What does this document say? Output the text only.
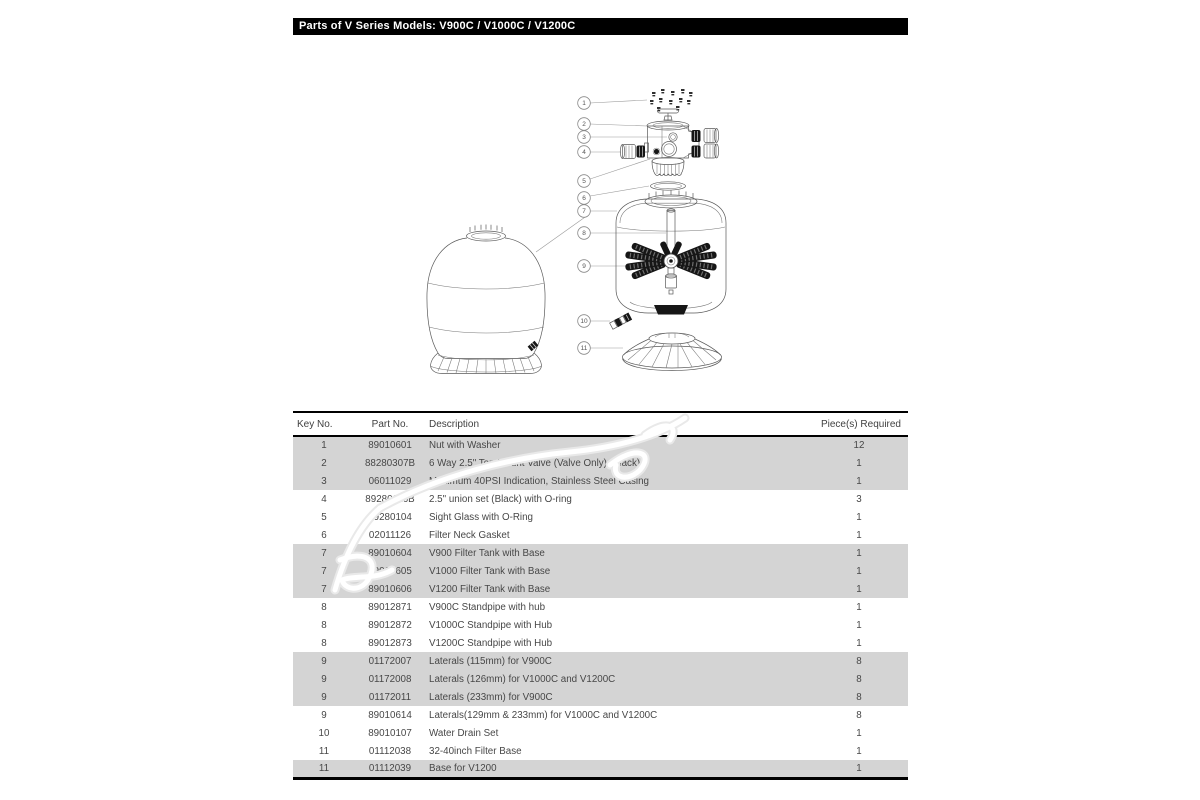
Parts of V Series Models: V900C / V1000C / V1200C
1
2
3
4
5
6
7
8
9
10
11
Key No.	Part No.	Description	Piece(s) Required
1	89010601	Nut with Washer	12
2	88280307B	6 Way 2.5" Top Mount Valve (Valve Only) (Black)	1
3	06011029	Maximum 40PSI Indication, Stainless Steel Casing	1
4	89280116B	2.5" union set (Black) with O-ring	3
5	89280104	Sight Glass with O-Ring	1
6	02011126	Filter Neck Gasket	1
7	89010604	V900 Filter Tank with Base	1
7	89010605	V1000 Filter Tank with Base	1
7	89010606	V1200 Filter Tank with Base	1
8	89012871	V900C Standpipe with hub	1
8	89012872	V1000C Standpipe with Hub	1
8	89012873	V1200C Standpipe with Hub	1
9	01172007	Laterals (115mm) for V900C	8
9	01172008	Laterals (126mm) for V1000C and V1200C	8
9	01172011	Laterals (233mm) for V900C	8
9	89010614	Laterals(129mm & 233mm) for V1000C and V1200C	8
10	89010107	Water Drain Set	1
11	01112038	32-40inch Filter Base	1
11	01112039	Base for V1200	1
